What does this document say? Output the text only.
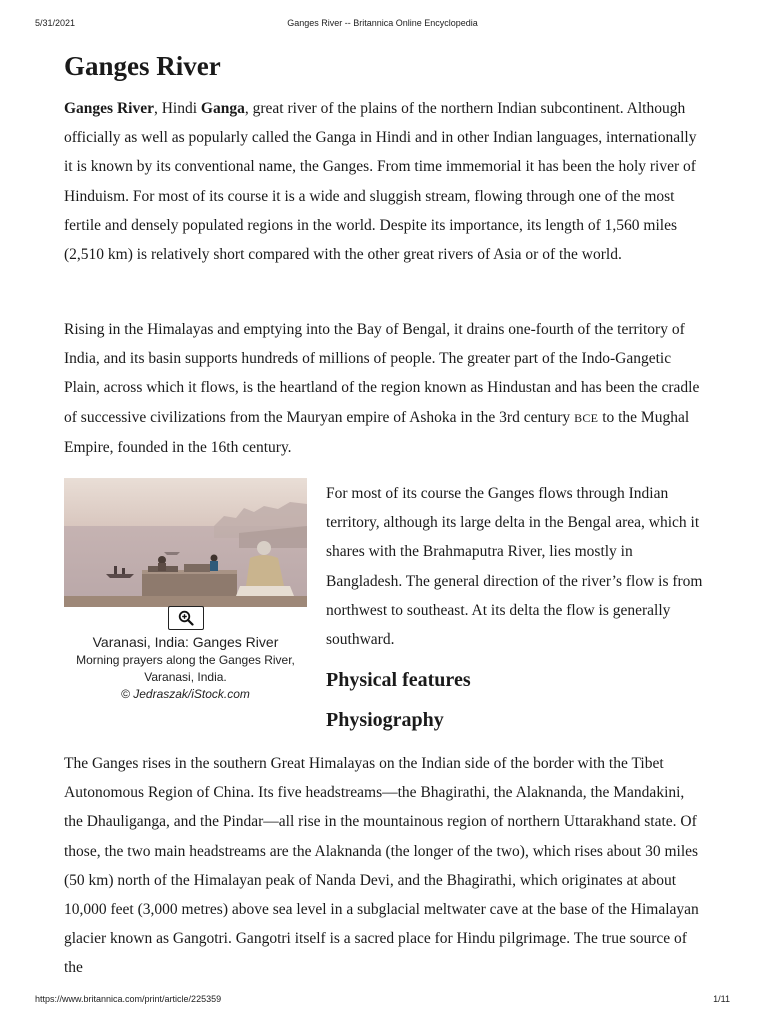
5/31/2021	Ganges River -- Britannica Online Encyclopedia
Ganges River

Ganges River, Hindi Ganga, great river of the plains of the northern Indian subcontinent. Although officially as well as popularly called the Ganga in Hindi and in other Indian languages, internationally it is known by its conventional name, the Ganges. From time immemorial it has been the holy river of Hinduism. For most of its course it is a wide and sluggish stream, flowing through one of the most fertile and densely populated regions in the world. Despite its importance, its length of 1,560 miles (2,510 km) is relatively short compared with the other great rivers of Asia or of the world.

Rising in the Himalayas and emptying into the Bay of Bengal, it drains one-fourth of the territory of India, and its basin supports hundreds of millions of people. The greater part of the Indo-Gangetic Plain, across which it flows, is the heartland of the region known as Hindustan and has been the cradle of successive civilizations from the Mauryan empire of Ashoka in the 3rd century BCE to the Mughal Empire, founded in the 16th century.

Varanasi, India: Ganges River

Morning prayers along the Ganges River, Varanasi, India.

© Jedraszak/iStock.com

For most of its course the Ganges flows through Indian territory, although its large delta in the Bengal area, which it shares with the Brahmaputra River, lies mostly in Bangladesh. The general direction of the river’s flow is from northwest to southeast. At its delta the flow is generally southward.

Physical features
Physiography

The Ganges rises in the southern Great Himalayas on the Indian side of the border with the Tibet Autonomous Region of China. Its five headstreams—the Bhagirathi, the Alaknanda, the Mandakini, the Dhauliganga, and the Pindar—all rise in the mountainous region of northern Uttarakhand state. Of those, the two main headstreams are the Alaknanda (the longer of the two), which rises about 30 miles (50 km) north of the Himalayan peak of Nanda Devi, and the Bhagirathi, which originates at about 10,000 feet (3,000 metres) above sea level in a subglacial meltwater cave at the base of the Himalayan glacier known as Gangotri. Gangotri itself is a sacred place for Hindu pilgrimage. The true source of the

https://www.britannica.com/print/article/225359	1/11
